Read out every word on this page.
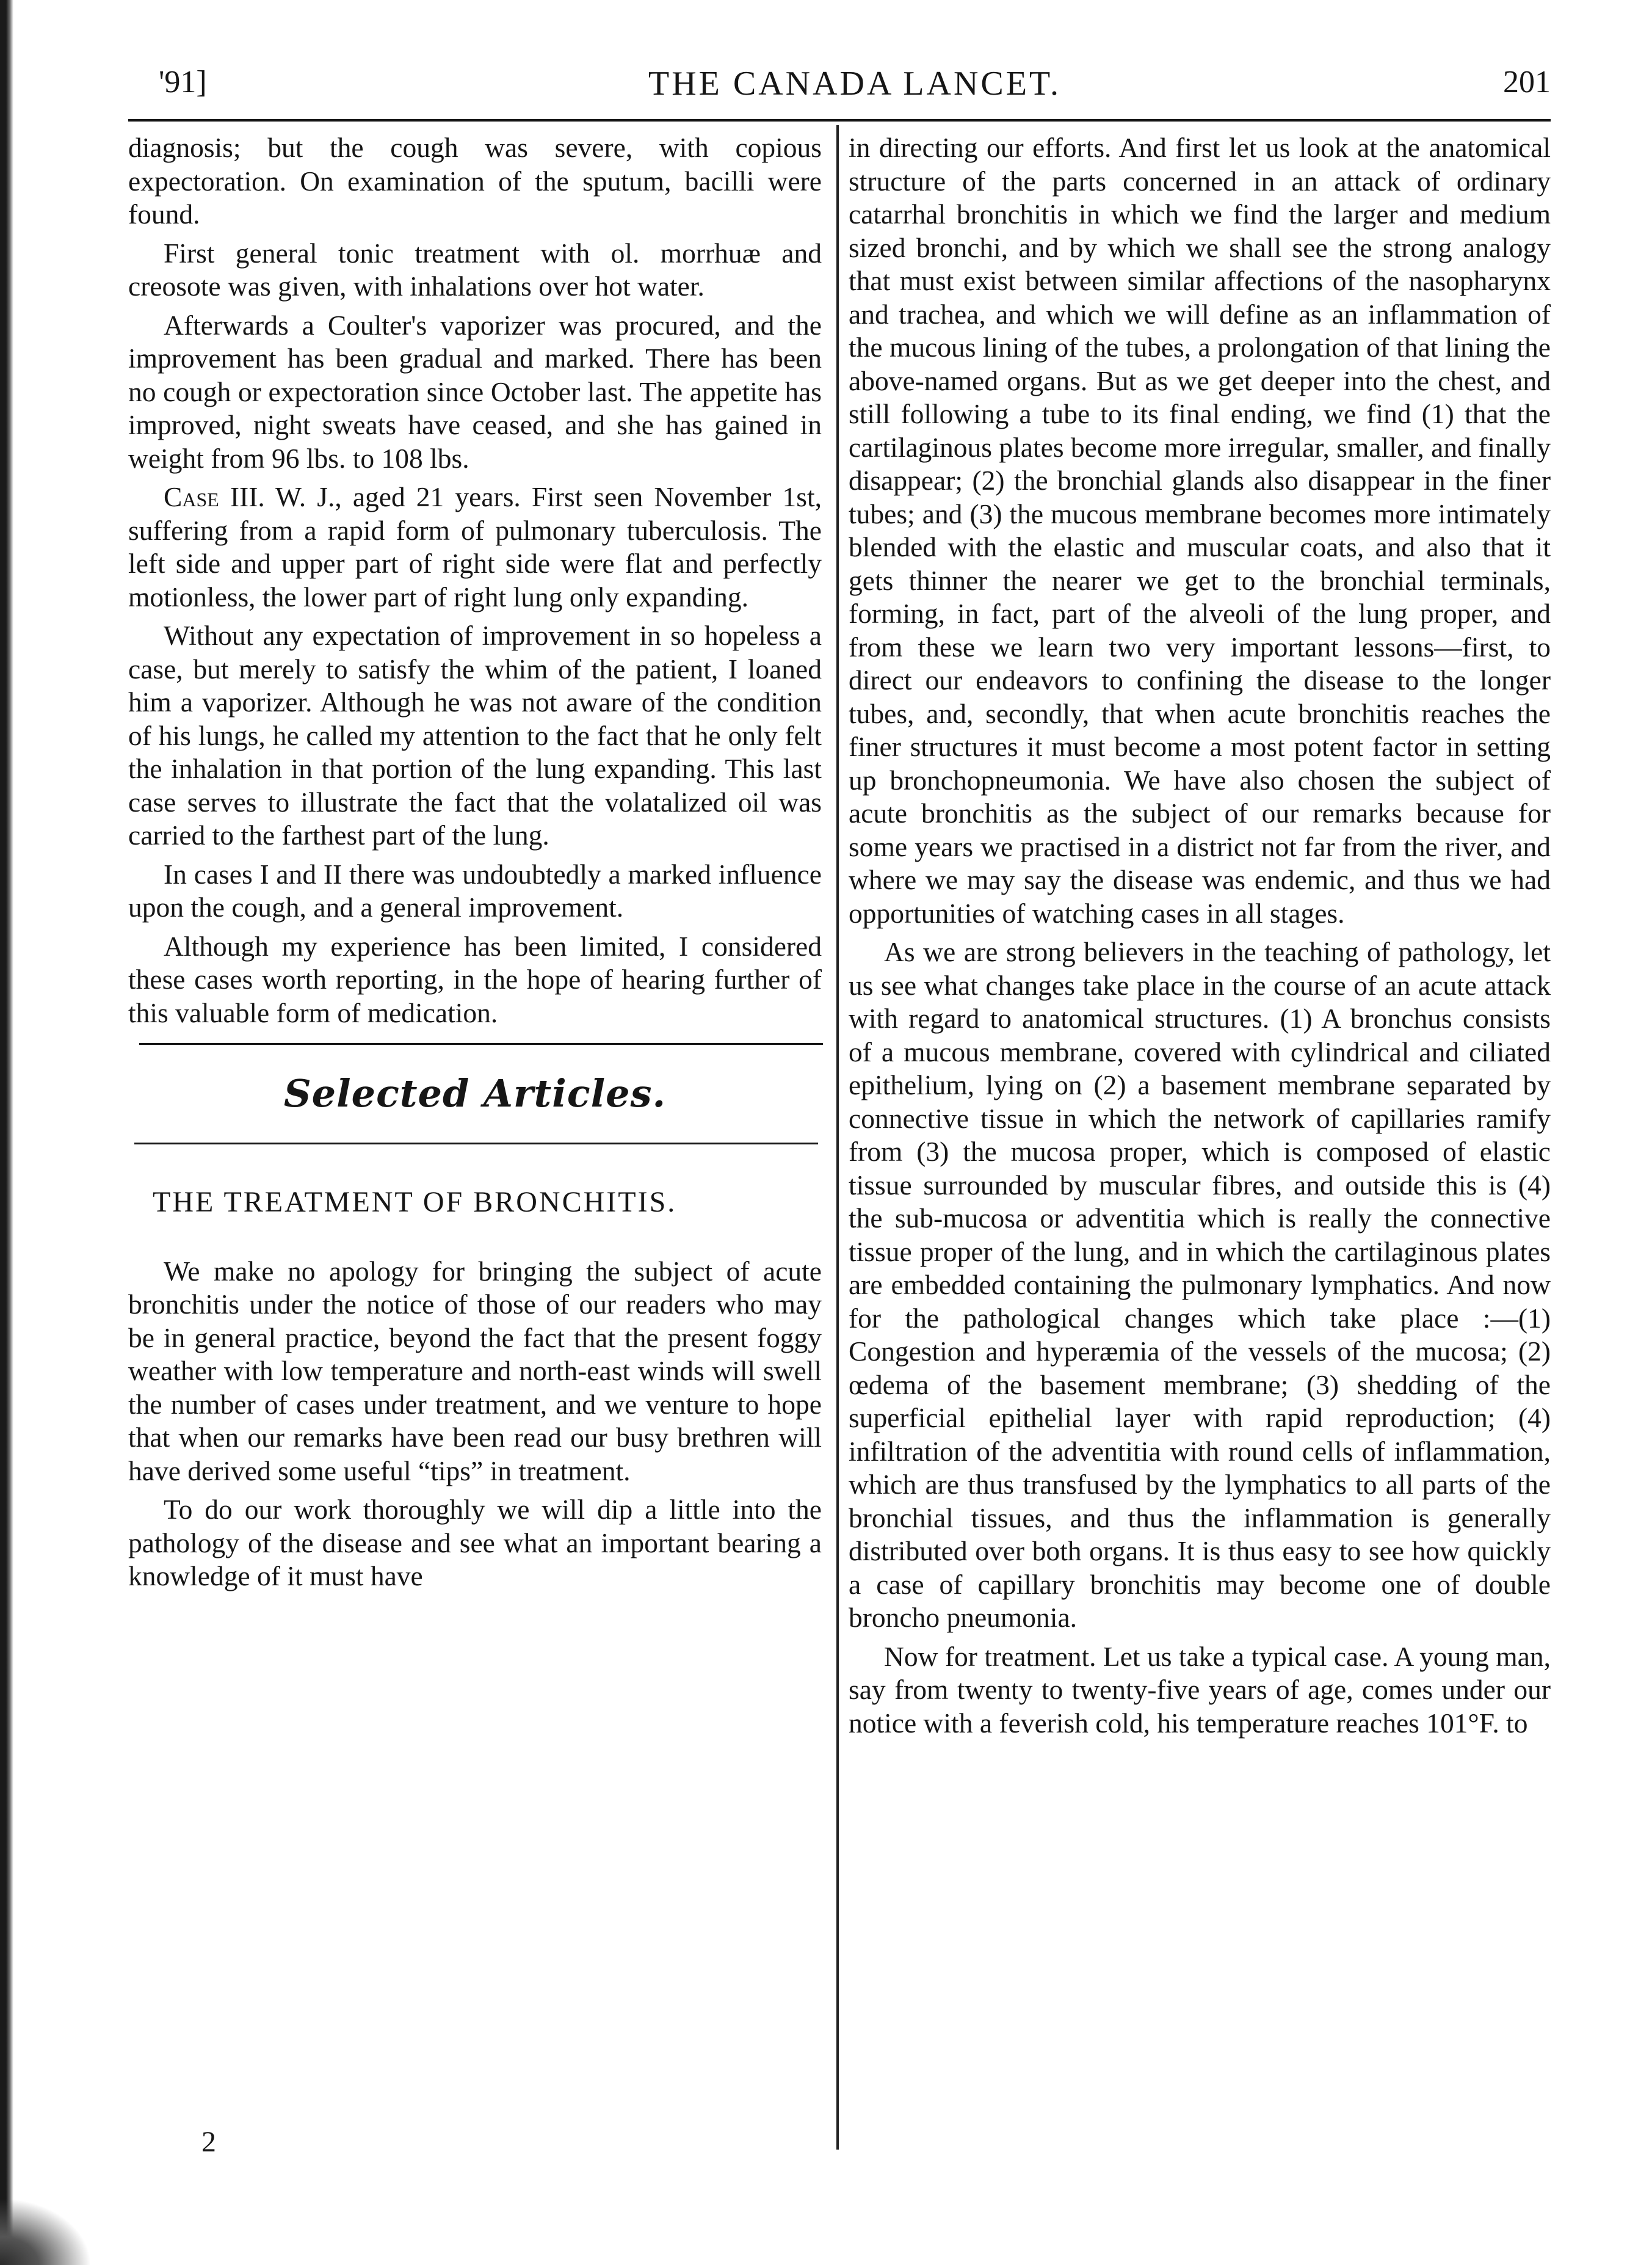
'91]	THE CANADA LANCET.	201

diagnosis; but the cough was severe, with copious expectoration. On examination of the sputum, bacilli were found.

First general tonic treatment with ol. morrhuæ and creosote was given, with inhalations over hot water.

Afterwards a Coulter's vaporizer was procured, and the improvement has been gradual and marked. There has been no cough or expectoration since October last. The appetite has improved, night sweats have ceased, and she has gained in weight from 96 lbs. to 108 lbs.

Case III. W. J., aged 21 years. First seen November 1st, suffering from a rapid form of pulmonary tuberculosis. The left side and upper part of right side were flat and perfectly motionless, the lower part of right lung only expanding.

Without any expectation of improvement in so hopeless a case, but merely to satisfy the whim of the patient, I loaned him a vaporizer. Although he was not aware of the condition of his lungs, he called my attention to the fact that he only felt the inhalation in that portion of the lung expanding. This last case serves to illustrate the fact that the volatalized oil was carried to the farthest part of the lung.

In cases I and II there was undoubtedly a marked influence upon the cough, and a general improvement.

Although my experience has been limited, I considered these cases worth reporting, in the hope of hearing further of this valuable form of medication.

Selected Articles.
THE TREATMENT OF BRONCHITIS.

We make no apology for bringing the subject of acute bronchitis under the notice of those of our readers who may be in general practice, beyond the fact that the present foggy weather with low temperature and north-east winds will swell the number of cases under treatment, and we venture to hope that when our remarks have been read our busy brethren will have derived some useful “tips” in treatment.

To do our work thoroughly we will dip a little into the pathology of the disease and see what an important bearing a knowledge of it must have

2

in directing our efforts. And first let us look at the anatomical structure of the parts concerned in an attack of ordinary catarrhal bronchitis in which we find the larger and medium sized bronchi, and by which we shall see the strong analogy that must exist between similar affections of the nasopharynx and trachea, and which we will define as an inflammation of the mucous lining of the tubes, a prolongation of that lining the above-named organs. But as we get deeper into the chest, and still following a tube to its final ending, we find (1) that the cartilaginous plates become more irregular, smaller, and finally disappear; (2) the bronchial glands also disappear in the finer tubes; and (3) the mucous membrane becomes more intimately blended with the elastic and muscular coats, and also that it gets thinner the nearer we get to the bronchial terminals, forming, in fact, part of the alveoli of the lung proper, and from these we learn two very important lessons—first, to direct our endeavors to confining the disease to the longer tubes, and, secondly, that when acute bronchitis reaches the finer structures it must become a most potent factor in setting up bronchopneumonia. We have also chosen the subject of acute bronchitis as the subject of our remarks because for some years we practised in a district not far from the river, and where we may say the disease was endemic, and thus we had opportunities of watching cases in all stages.

As we are strong believers in the teaching of pathology, let us see what changes take place in the course of an acute attack with regard to anatomical structures. (1) A bronchus consists of a mucous membrane, covered with cylindrical and ciliated epithelium, lying on (2) a basement membrane separated by connective tissue in which the network of capillaries ramify from (3) the mucosa proper, which is composed of elastic tissue surrounded by muscular fibres, and outside this is (4) the sub-mucosa or adventitia which is really the connective tissue proper of the lung, and in which the cartilaginous plates are embedded containing the pulmonary lymphatics. And now for the pathological changes which take place :—(1) Congestion and hyperæmia of the vessels of the mucosa; (2) œdema of the basement membrane; (3) shedding of the superficial epithelial layer with rapid reproduction; (4) infiltration of the adventitia with round cells of inflammation, which are thus transfused by the lymphatics to all parts of the bronchial tissues, and thus the inflammation is generally distributed over both organs. It is thus easy to see how quickly a case of capillary bronchitis may become one of double broncho pneumonia.

Now for treatment. Let us take a typical case. A young man, say from twenty to twenty-five years of age, comes under our notice with a feverish cold, his temperature reaches 101°F. to
